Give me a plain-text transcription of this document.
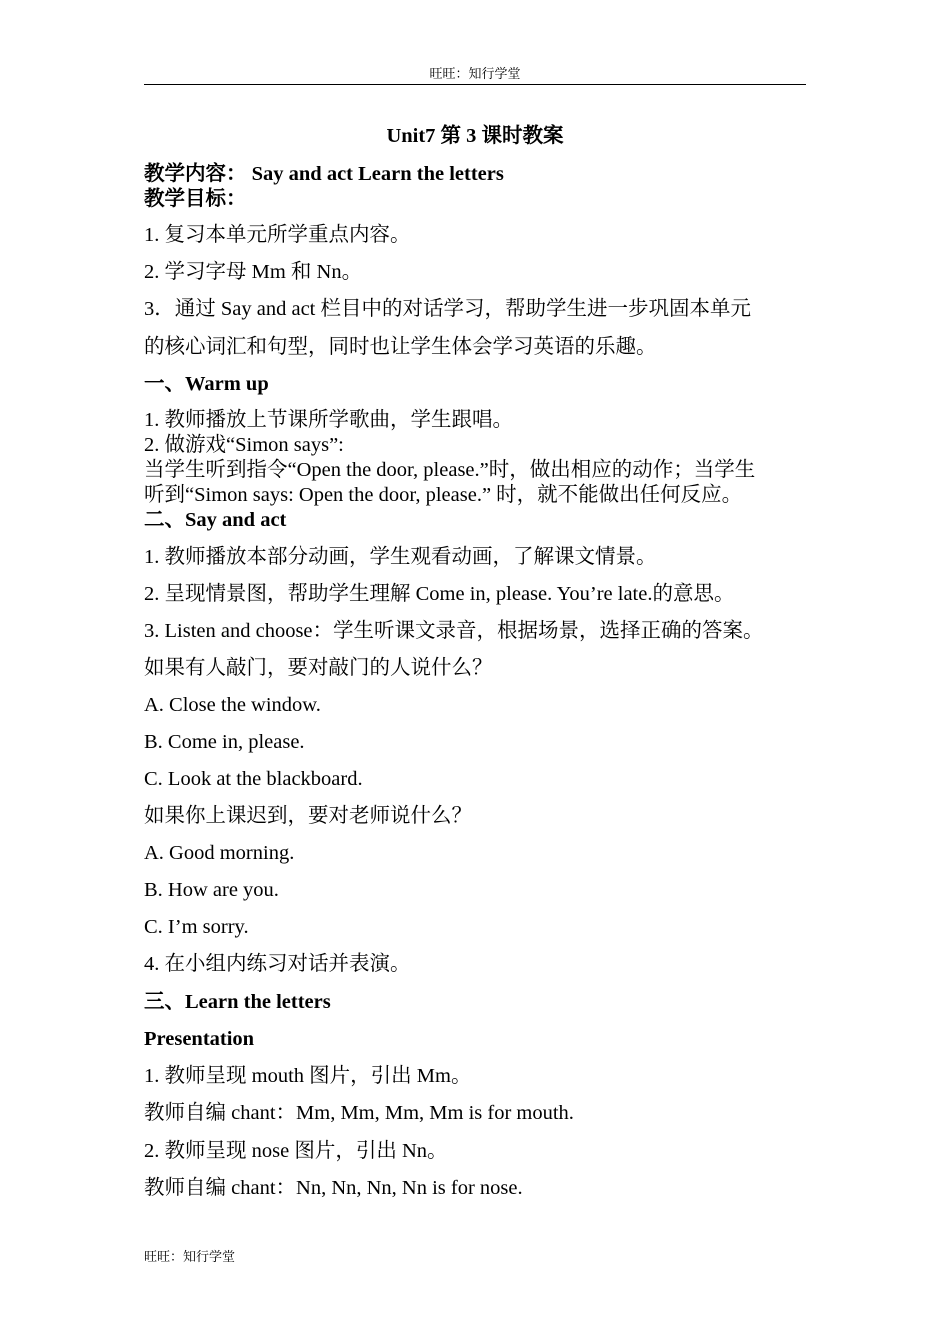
旺旺：知行学堂
Unit7 第 3 课时教案
教学内容： Say and act Learn the letters
教学目标：
1. 复习本单元所学重点内容。
2. 学习字母 Mm 和 Nn。
3．通过 Say and act 栏目中的对话学习，帮助学生进一步巩固本单元
的核心词汇和句型，同时也让学生体会学习英语的乐趣。
一、Warm up
1. 教师播放上节课所学歌曲，学生跟唱。
2. 做游戏“Simon says”:
当学生听到指令“Open the door, please.”时，做出相应的动作；当学生
听到“Simon says: Open the door, please.” 时，就不能做出任何反应。
二、Say and act
1. 教师播放本部分动画，学生观看动画，了解课文情景。
2. 呈现情景图，帮助学生理解 Come in, please. You’re late.的意思。
3. Listen and choose：学生听课文录音，根据场景，选择正确的答案。
如果有人敲门，要对敲门的人说什么？
A. Close the window.
B. Come in, please.
C. Look at the blackboard.
如果你上课迟到，要对老师说什么？
A. Good morning.
B. How are you.
C. I’m sorry.
4. 在小组内练习对话并表演。
三、Learn the letters
Presentation
1. 教师呈现 mouth 图片，引出 Mm。
教师自编 chant：Mm, Mm, Mm, Mm is for mouth.
2. 教师呈现 nose 图片，引出 Nn。
教师自编 chant：Nn, Nn, Nn, Nn is for nose.
旺旺：知行学堂
